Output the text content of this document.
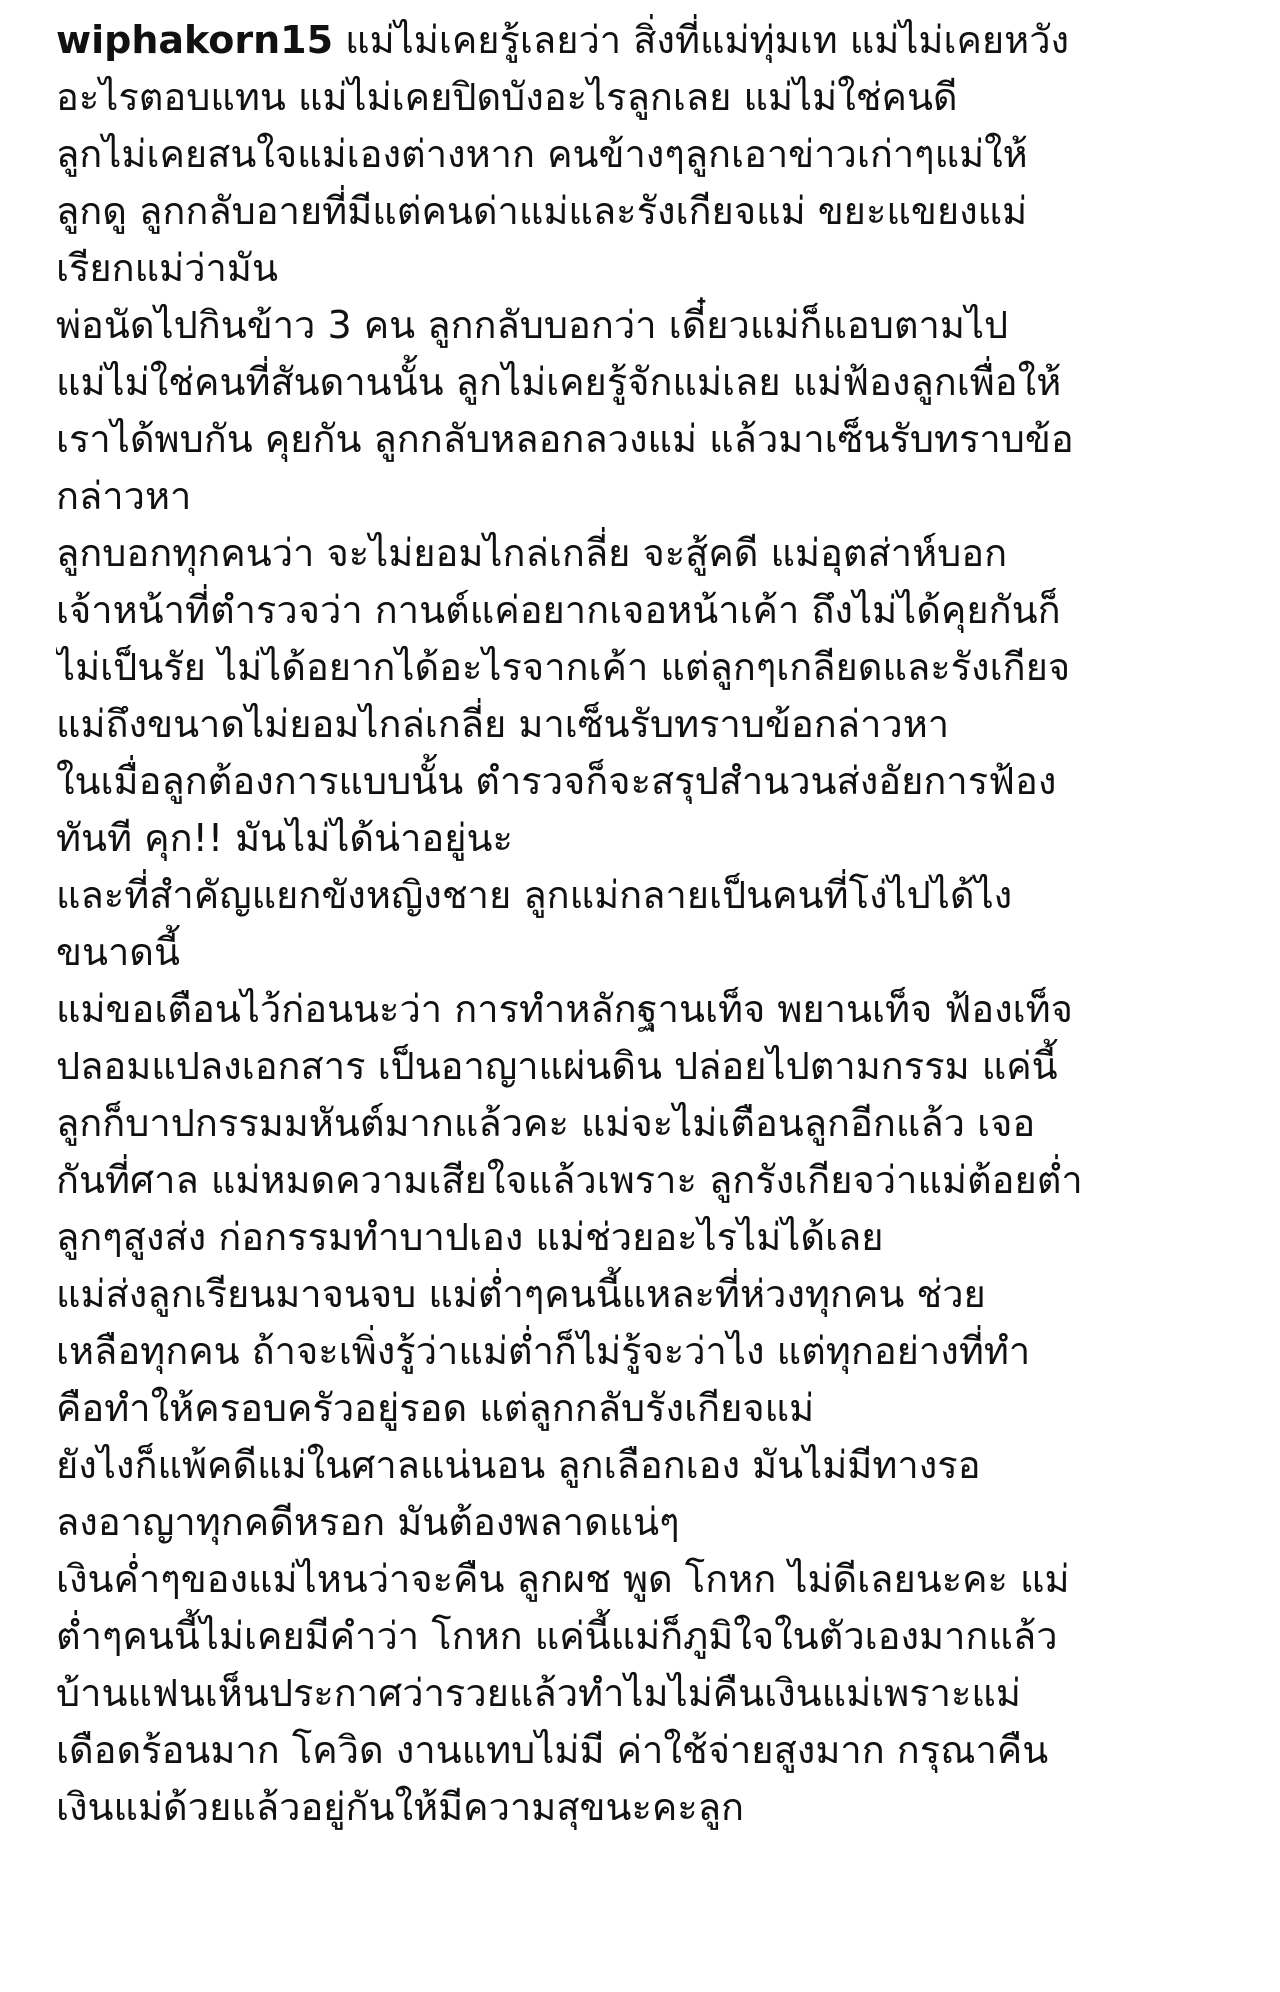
wiphakorn15 แม่ไม่เคยรู้เลยว่า สิ่งที่แม่ทุ่มเท แม่ไม่เคยหวัง
อะไรตอบแทน แม่ไม่เคยปิดบังอะไรลูกเลย แม่ไม่ใช่คนดี
ลูกไม่เคยสนใจแม่เองต่างหาก คนข้างๆลูกเอาข่าวเก่าๆแม่ให้
ลูกดู ลูกกลับอายที่มีแต่คนด่าแม่และรังเกียจแม่ ขยะแขยงแม่
เรียกแม่ว่ามัน
พ่อนัดไปกินข้าว 3 คน ลูกกลับบอกว่า เดี๋ยวแม่ก็แอบตามไป
แม่ไม่ใช่คนที่สันดานนั้น ลูกไม่เคยรู้จักแม่เลย แม่ฟ้องลูกเพื่อให้
เราได้พบกัน คุยกัน ลูกกลับหลอกลวงแม่ แล้วมาเซ็นรับทราบข้อ
กล่าวหา
ลูกบอกทุกคนว่า จะไม่ยอมไกล่เกลี่ย จะสู้คดี แม่อุตส่าห์บอก
เจ้าหน้าที่ตำรวจว่า กานต์แค่อยากเจอหน้าเค้า ถึงไม่ได้คุยกันก็
ไม่เป็นรัย ไม่ได้อยากได้อะไรจากเค้า แต่ลูกๆเกลียดและรังเกียจ
แม่ถึงขนาดไม่ยอมไกล่เกลี่ย มาเซ็นรับทราบข้อกล่าวหา
ในเมื่อลูกต้องการแบบนั้น ตำรวจก็จะสรุปสำนวนส่งอัยการฟ้อง
ทันที คุก!! มันไม่ได้น่าอยู่นะ
และที่สำคัญแยกขังหญิงชาย ลูกแม่กลายเป็นคนที่โง่ไปได้ไง
ขนาดนี้
แม่ขอเตือนไว้ก่อนนะว่า การทำหลักฐานเท็จ พยานเท็จ ฟ้องเท็จ
ปลอมแปลงเอกสาร เป็นอาญาแผ่นดิน ปล่อยไปตามกรรม แค่นี้
ลูกก็บาปกรรมมหันต์มากแล้วคะ แม่จะไม่เตือนลูกอีกแล้ว เจอ
กันที่ศาล แม่หมดความเสียใจแล้วเพราะ ลูกรังเกียจว่าแม่ต้อยต่ำ
ลูกๆสูงส่ง ก่อกรรมทำบาปเอง แม่ช่วยอะไรไม่ได้เลย
แม่ส่งลูกเรียนมาจนจบ แม่ต่ำๆคนนี้แหละที่ห่วงทุกคน ช่วย
เหลือทุกคน ถ้าจะเพิ่งรู้ว่าแม่ต่ำก็ไม่รู้จะว่าไง แต่ทุกอย่างที่ทำ
คือทำให้ครอบครัวอยู่รอด แต่ลูกกลับรังเกียจแม่
ยังไงก็แพ้คดีแม่ในศาลแน่นอน ลูกเลือกเอง มันไม่มีทางรอ
ลงอาญาทุกคดีหรอก มันต้องพลาดแน่ๆ
เงินค่ำๆของแม่ไหนว่าจะคืน ลูกผช พูด โกหก ไม่ดีเลยนะคะ แม่
ต่ำๆคนนี้ไม่เคยมีคำว่า โกหก แค่นี้แม่ก็ภูมิใจในตัวเองมากแล้ว
บ้านแฟนเห็นประกาศว่ารวยแล้วทำไมไม่คืนเงินแม่เพราะแม่
เดือดร้อนมาก โควิด งานแทบไม่มี ค่าใช้จ่ายสูงมาก กรุณาคืน
เงินแม่ด้วยแล้วอยู่กันให้มีความสุขนะคะลูก
